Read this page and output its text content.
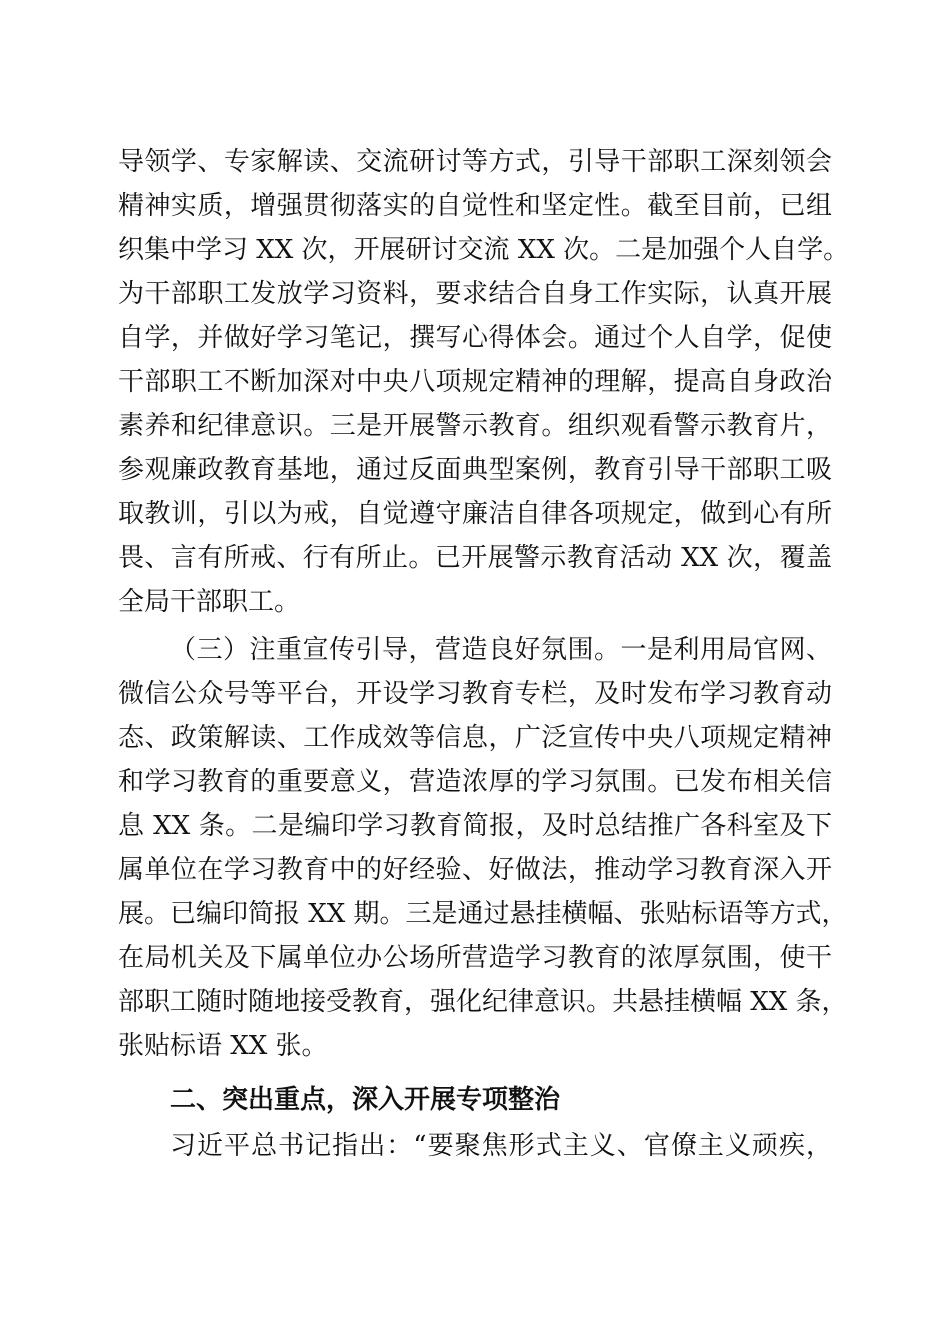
导领学、专家解读、交流研讨等方式，引导干部职工深刻领会
精神实质，增强贯彻落实的自觉性和坚定性。截至目前，已组
织集中学习 XX 次，开展研讨交流 XX 次。二是加强个人自学。
为干部职工发放学习资料，要求结合自身工作实际，认真开展
自学，并做好学习笔记，撰写心得体会。通过个人自学，促使
干部职工不断加深对中央八项规定精神的理解，提高自身政治
素养和纪律意识。三是开展警示教育。组织观看警示教育片，
参观廉政教育基地，通过反面典型案例，教育引导干部职工吸
取教训，引以为戒，自觉遵守廉洁自律各项规定，做到心有所
畏、言有所戒、行有所止。已开展警示教育活动 XX 次，覆盖
全局干部职工。
（三）注重宣传引导，营造良好氛围。一是利用局官网、
微信公众号等平台，开设学习教育专栏，及时发布学习教育动
态、政策解读、工作成效等信息，广泛宣传中央八项规定精神
和学习教育的重要意义，营造浓厚的学习氛围。已发布相关信
息 XX 条。二是编印学习教育简报，及时总结推广各科室及下
属单位在学习教育中的好经验、好做法，推动学习教育深入开
展。已编印简报 XX 期。三是通过悬挂横幅、张贴标语等方式，
在局机关及下属单位办公场所营造学习教育的浓厚氛围，使干
部职工随时随地接受教育，强化纪律意识。共悬挂横幅 XX 条，
张贴标语 XX 张。
二、突出重点，深入开展专项整治
习近平总书记指出：“要聚焦形式主义、官僚主义顽疾，
